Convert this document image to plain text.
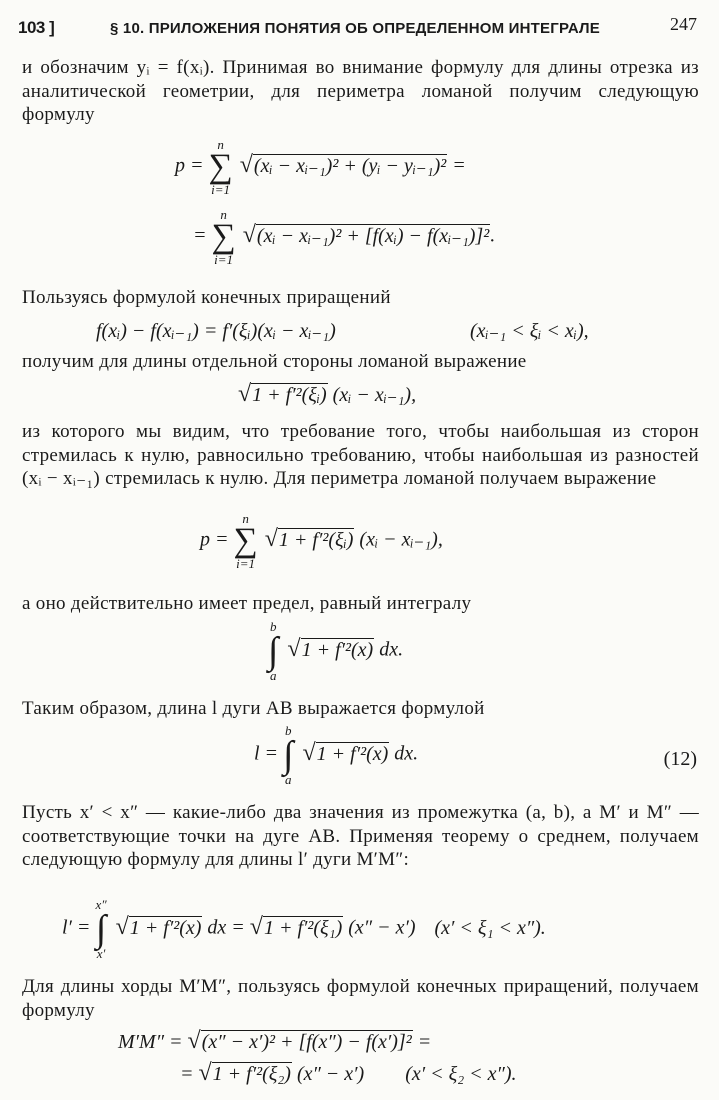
103 ]	§ 10. ПРИЛОЖЕНИЯ ПОНЯТИЯ ОБ ОПРЕДЕЛЕННОМ ИНТЕГРАЛЕ	247

и обозначим yᵢ = f(xᵢ). Принимая во внимание формулу для длины отрезка из аналитической геометрии, для периметра ломаной получим следующую формулу

p =
n
∑
i=1
√(xᵢ − xᵢ₋₁)² + (yᵢ − yᵢ₋₁)² =
=
n
∑
i=1
√(xᵢ − xᵢ₋₁)² + [f(xᵢ) − f(xᵢ₋₁)]².

Пользуясь формулой конечных приращений

f(xᵢ) − f(xᵢ₋₁) = f′(ξᵢ)(xᵢ − xᵢ₋₁)	(xᵢ₋₁ < ξᵢ < xᵢ),

получим для длины отдельной стороны ломаной выражение

√1 + f′²(ξᵢ) (xᵢ − xᵢ₋₁),

из которого мы видим, что требование того, чтобы наибольшая из сторон стремилась к нулю, равносильно требованию, чтобы наибольшая из разностей (xᵢ − xᵢ₋₁) стремилась к нулю. Для периметра ломаной получаем выражение

p =
n
∑
i=1
√1 + f′²(ξᵢ) (xᵢ − xᵢ₋₁),

а оно действительно имеет предел, равный интегралу

b
∫
a
√1 + f′²(x) dx.

Таким образом, длина l дуги AB выражается формулой

l =
b
∫
a
√1 + f′²(x) dx.	(12)

Пусть x′ < x″ — какие-либо два значения из промежутка (a, b), а M′ и M″ — соответствующие точки на дуге AB. Применяя теорему о среднем, получаем следующую формулу для длины l′ дуги M′M″:

l′ =
x″
∫
x′
√1 + f′²(x) dx = √1 + f′²(ξ₁) (x″ − x′) (x′ < ξ₁ < x″).

Для длины хорды M′M″, пользуясь формулой конечных приращений, получаем формулу

M′M″ = √(x″ − x′)² + [f(x″) − f(x′)]² =
= √1 + f′²(ξ₂) (x″ − x′) (x′ < ξ₂ < x″).
